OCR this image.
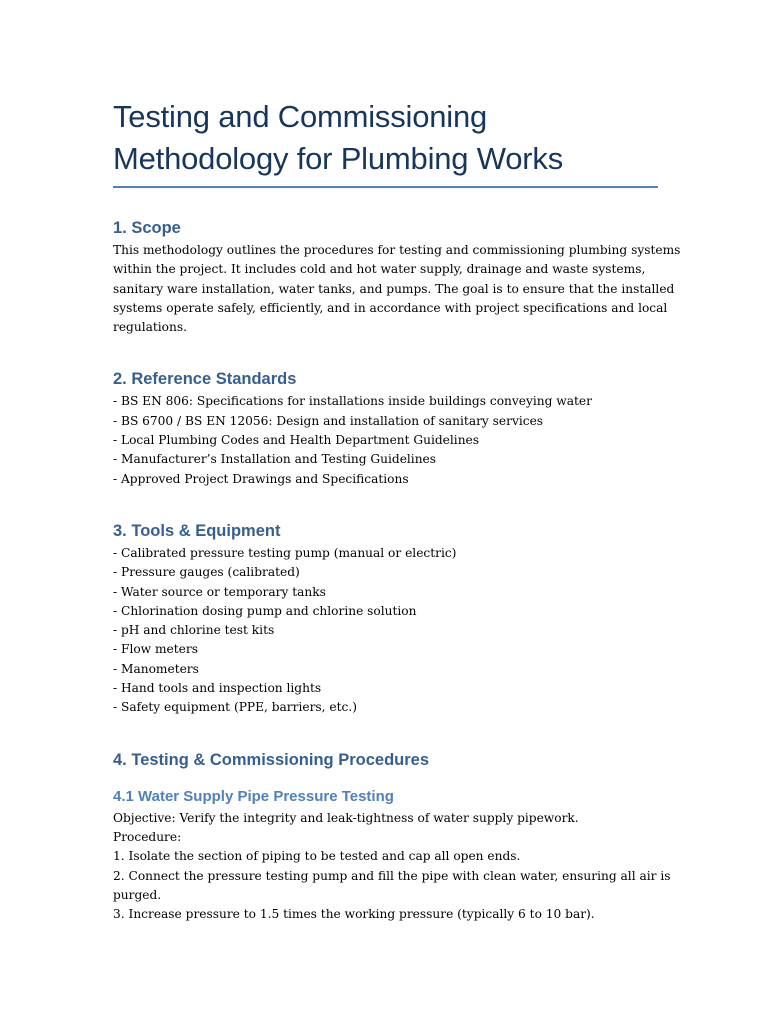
Testing and Commissioning Methodology for Plumbing Works
1. Scope
This methodology outlines the procedures for testing and commissioning plumbing systems
within the project. It includes cold and hot water supply, drainage and waste systems,
sanitary ware installation, water tanks, and pumps. The goal is to ensure that the installed
systems operate safely, efficiently, and in accordance with project specifications and local
regulations.
2. Reference Standards
- BS EN 806: Specifications for installations inside buildings conveying water
- BS 6700 / BS EN 12056: Design and installation of sanitary services
- Local Plumbing Codes and Health Department Guidelines
- Manufacturer’s Installation and Testing Guidelines
- Approved Project Drawings and Specifications
3. Tools & Equipment
- Calibrated pressure testing pump (manual or electric)
- Pressure gauges (calibrated)
- Water source or temporary tanks
- Chlorination dosing pump and chlorine solution
- pH and chlorine test kits
- Flow meters
- Manometers
- Hand tools and inspection lights
- Safety equipment (PPE, barriers, etc.)
4. Testing & Commissioning Procedures
4.1 Water Supply Pipe Pressure Testing
Objective: Verify the integrity and leak-tightness of water supply pipework.
Procedure:
1. Isolate the section of piping to be tested and cap all open ends.
2. Connect the pressure testing pump and fill the pipe with clean water, ensuring all air is
purged.
3. Increase pressure to 1.5 times the working pressure (typically 6 to 10 bar).
